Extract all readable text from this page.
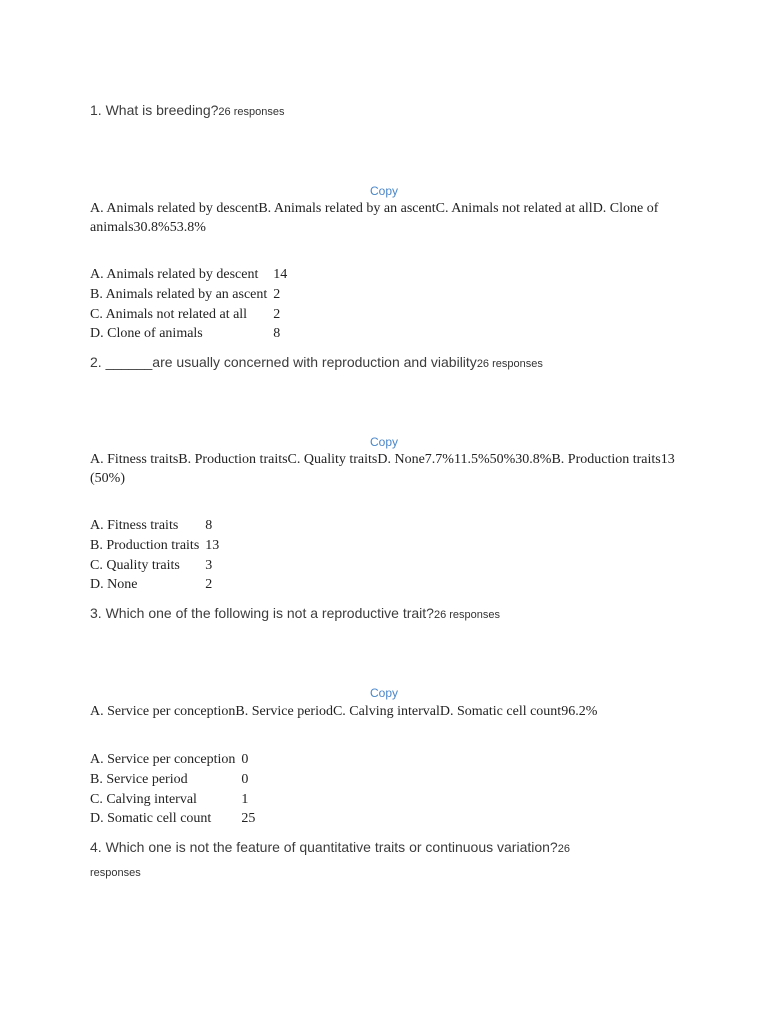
1. What is breeding?26 responses
Copy
A. Animals related by descentB. Animals related by an ascentC. Animals not related at allD. Clone of animals30.8%53.8%
A. Animals related by descent	14
B. Animals related by an ascent	2
C. Animals not related at all	2
D. Clone of animals	8
2. ______are usually concerned with reproduction and viability26 responses
Copy
A. Fitness traitsB. Production traitsC. Quality traitsD. None7.7%11.5%50%30.8%B. Production traits13 (50%)
A. Fitness traits	8
B. Production traits	13
C. Quality traits	3
D. None	2
3. Which one of the following is not a reproductive trait?26 responses
Copy
A. Service per conceptionB. Service periodC. Calving intervalD. Somatic cell count96.2%
A. Service per conception	0
B. Service period	0
C. Calving interval	1
D. Somatic cell count	25
4. Which one is not the feature of quantitative traits or continuous variation?26
responses
